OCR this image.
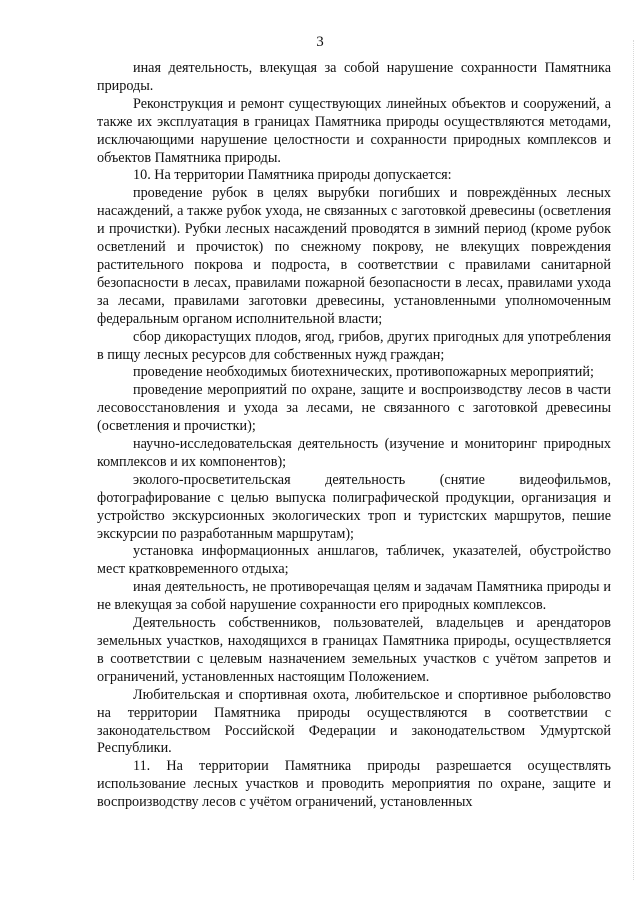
3

иная деятельность, влекущая за собой нарушение сохранности Памятника природы.

Реконструкция и ремонт существующих линейных объектов и сооружений, а также их эксплуатация в границах Памятника природы осуществляются методами, исключающими нарушение целостности и сохранности природных комплексов и объектов Памятника природы.

10. На территории Памятника природы допускается:

проведение рубок в целях вырубки погибших и повреждённых лесных насаждений, а также рубок ухода, не связанных с заготовкой древесины (осветления и прочистки). Рубки лесных насаждений проводятся в зимний период (кроме рубок осветлений и прочисток) по снежному покрову, не влекущих повреждения растительного покрова и подроста, в соответствии с правилами санитарной безопасности в лесах, правилами пожарной безопасности в лесах, правилами ухода за лесами, правилами заготовки древесины, установленными уполномоченным федеральным органом исполнительной власти;

сбор дикорастущих плодов, ягод, грибов, других пригодных для употребления в пищу лесных ресурсов для собственных нужд граждан;

проведение необходимых биотехнических, противопожарных мероприятий;

проведение мероприятий по охране, защите и воспроизводству лесов в части лесовосстановления и ухода за лесами, не связанного с заготовкой древесины (осветления и прочистки);

научно-исследовательская деятельность (изучение и мониторинг природных комплексов и их компонентов);

эколого-просветительская деятельность (снятие видеофильмов, фотографирование с целью выпуска полиграфической продукции, организация и устройство экскурсионных экологических троп и туристских маршрутов, пешие экскурсии по разработанным маршрутам);

установка информационных аншлагов, табличек, указателей, обустройство мест кратковременного отдыха;

иная деятельность, не противоречащая целям и задачам Памятника природы и не влекущая за собой нарушение сохранности его природных комплексов.

Деятельность собственников, пользователей, владельцев и арендаторов земельных участков, находящихся в границах Памятника природы, осуществляется в соответствии с целевым назначением земельных участков с учётом запретов и ограничений, установленных настоящим Положением.

Любительская и спортивная охота, любительское и спортивное рыболовство на территории Памятника природы осуществляются в соответствии с законодательством Российской Федерации и законодательством Удмуртской Республики.

11. На территории Памятника природы разрешается осуществлять использование лесных участков и проводить мероприятия по охране, защите и воспроизводству лесов с учётом ограничений, установленных
